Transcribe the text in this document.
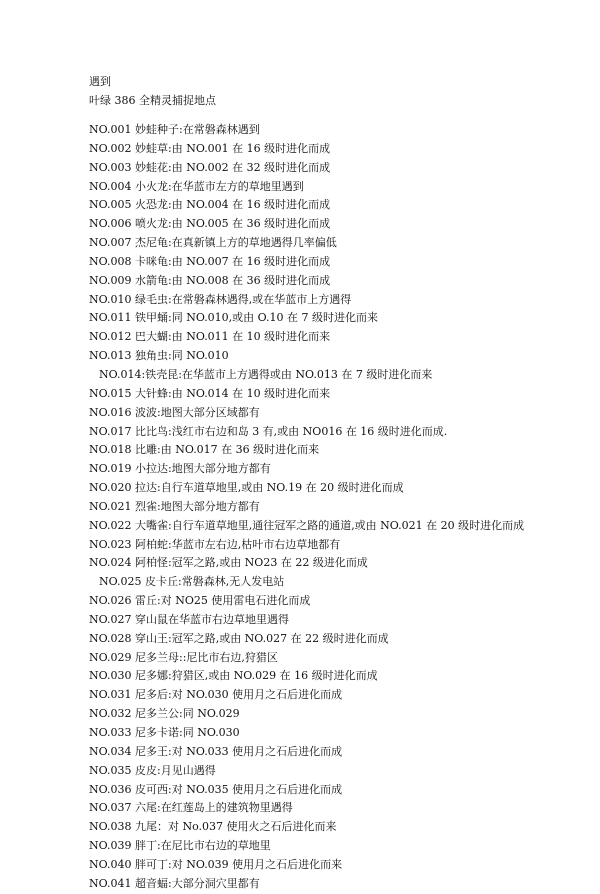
遇到
叶绿 386 全精灵捕捉地点
NO.001 妙蛙种子:在常磐森林遇到
NO.002 妙蛙草:由 NO.001 在 16 级时进化而成
NO.003 妙蛙花:由 NO.002 在 32 级时进化而成
NO.004 小火龙:在华蓝市左方的草地里遇到
NO.005 火恐龙:由 NO.004 在 16 级时进化而成
NO.006 喷火龙:由 NO.005 在 36 级时进化而成
NO.007 杰尼龟:在真新镇上方的草地遇得几率偏低
NO.008 卡咪龟:由 NO.007 在 16 级时进化而成
NO.009 水箭龟:由 NO.008 在 36 级时进化而成
NO.010 绿毛虫:在常磐森林遇得,或在华蓝市上方遇得
NO.011 铁甲蛹:同 NO.010,或由 O.10 在 7 级时进化而来
NO.012 巴大蝴:由 NO.011 在 10 级时进化而来
NO.013 独角虫:同 NO.010
NO.014:铁壳昆:在华蓝市上方遇得或由 NO.013 在 7 级时进化而来
NO.015 大针蜂:由 NO.014 在 10 级时进化而来
NO.016 波波:地图大部分区域都有
NO.017 比比鸟:浅红市右边和岛 3 有,或由 NO016 在 16 级时进化而成.
NO.018 比雕:由 NO.017 在 36 级时进化而来
NO.019 小拉达:地图大部分地方都有
NO.020 拉达:自行车道草地里,或由 NO.19 在 20 级时进化而成
NO.021 烈雀:地图大部分地方都有
NO.022 大嘴雀:自行车道草地里,通往冠军之路的通道,或由 NO.021 在 20 级时进化而成
NO.023 阿柏蛇:华蓝市左右边,枯叶市右边草地都有
NO.024 阿柏怪:冠军之路,或由 NO23 在 22 级进化而成
NO.025 皮卡丘:常磐森林,无人发电站
NO.026 雷丘:对 NO25 使用雷电石进化而成
NO.027 穿山鼠在华蓝市右边草地里遇得
NO.028 穿山王:冠军之路,或由 NO.027 在 22 级时进化而成
NO.029 尼多兰母::尼比市右边,狩猎区
NO.030 尼多娜:狩猎区,或由 NO.029 在 16 级时进化而成
NO.031 尼多后:对 NO.030 使用月之石后进化而成
NO.032 尼多兰公:同 NO.029
NO.033 尼多卡诺:同 NO.030
NO.034 尼多王:对 NO.033 使用月之石后进化而成
NO.035 皮皮:月见山遇得
NO.036 皮可西:对 NO.035 使用月之石后进化而成
NO.037 六尾:在红莲岛上的建筑物里遇得
NO.038 九尾：对 No.037 使用火之石后进化而来
NO.039 胖丁:在尼比市右边的草地里
NO.040 胖可丁:对 NO.039 使用月之石后进化而来
NO.041 超音蝠:大部分洞穴里都有
